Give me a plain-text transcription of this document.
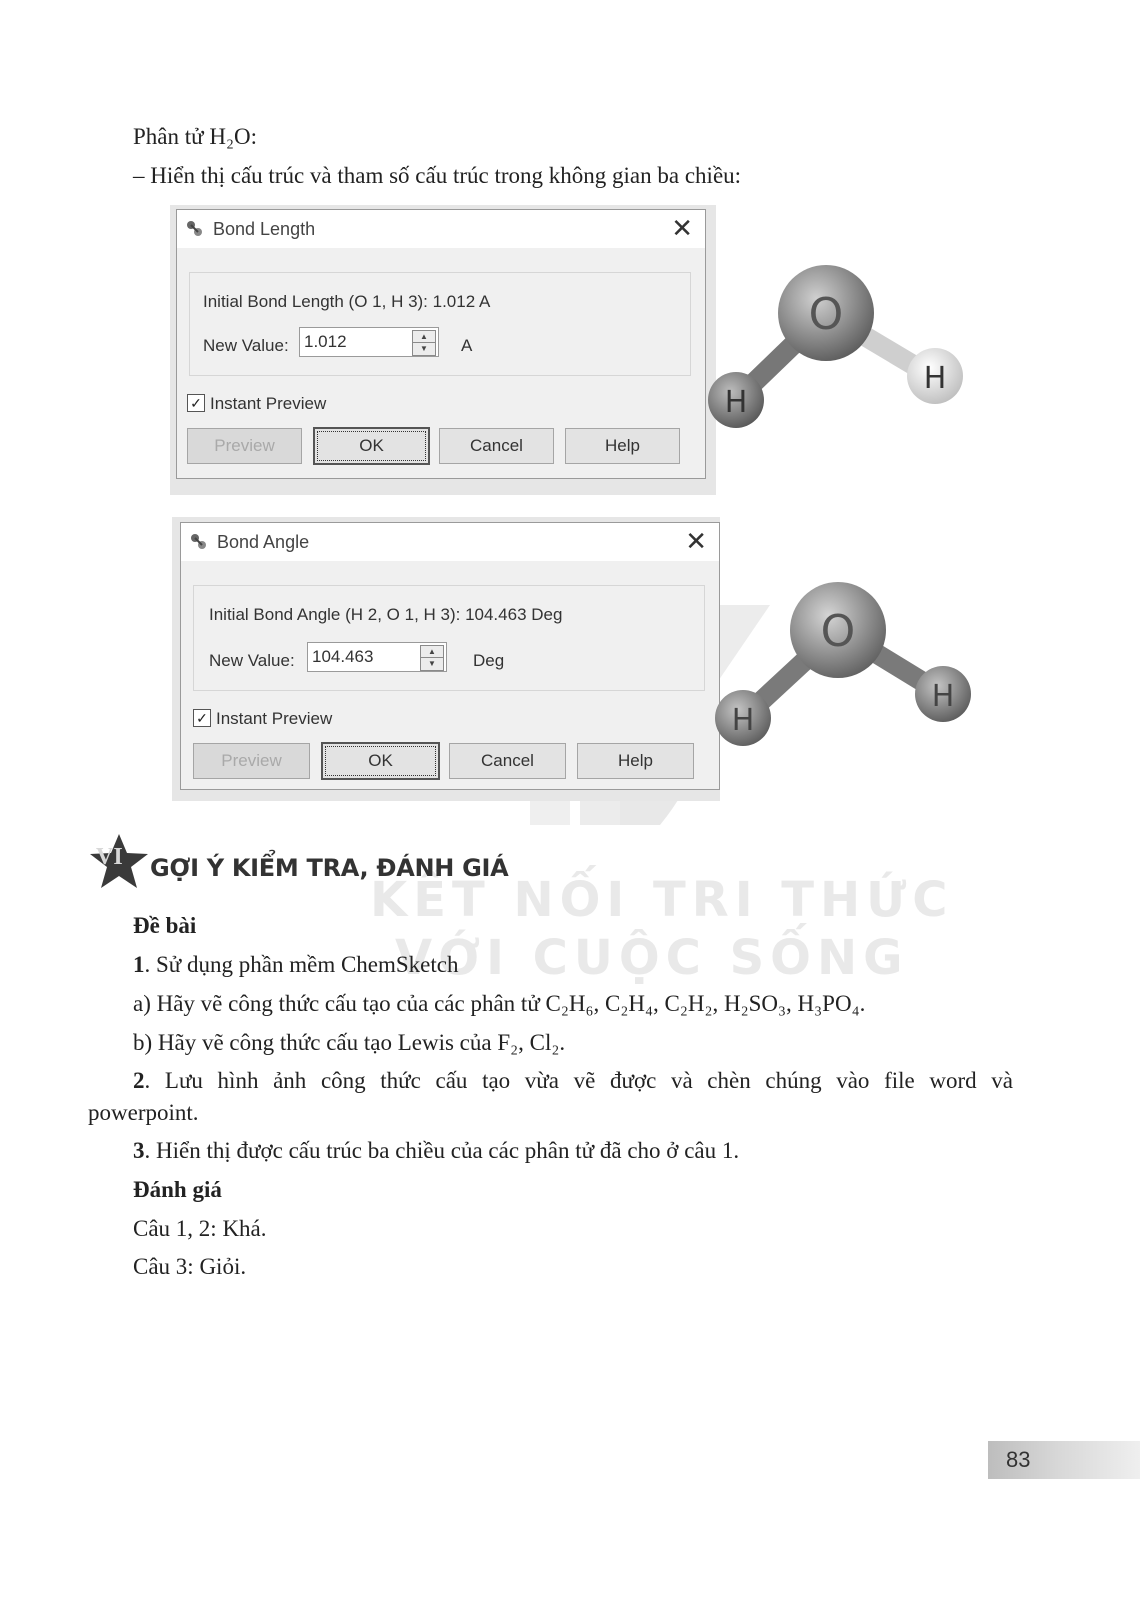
KẾT NỐI TRI THỨC
VỚI CUỘC SỐNG
Phân tử H₂O:
– Hiển thị cấu trúc và tham số cấu trúc trong không gian ba chiều:
Bond Length	✕
Initial Bond Length (O 1, H 3): 1.012 A
New Value: 1.012	▲
▼	A
✓ Instant Preview
Preview	OK	Cancel	Help
O
H
H
Bond Angle	✕
Initial Bond Angle (H 2, O 1, H 3): 104.463 Deg
New Value: 104.463	▲
▼	Deg
✓ Instant Preview
Preview	OK	Cancel	Help
O
H
H
VI GỢI Ý KIỂM TRA, ĐÁNH GIÁ
Đề bài
1. Sử dụng phần mềm ChemSketch
a) Hãy vẽ công thức cấu tạo của các phân tử C₂H₆, C₂H₄, C₂H₂, H₂SO₃, H₃PO₄.
b) Hãy vẽ công thức cấu tạo Lewis của F₂, Cl₂.
2. Lưu hình ảnh công thức cấu tạo vừa vẽ được và chèn chúng vào file word và
powerpoint.
3. Hiển thị được cấu trúc ba chiều của các phân tử đã cho ở câu 1.
Đánh giá
Câu 1, 2: Khá.
Câu 3: Giỏi.
83
